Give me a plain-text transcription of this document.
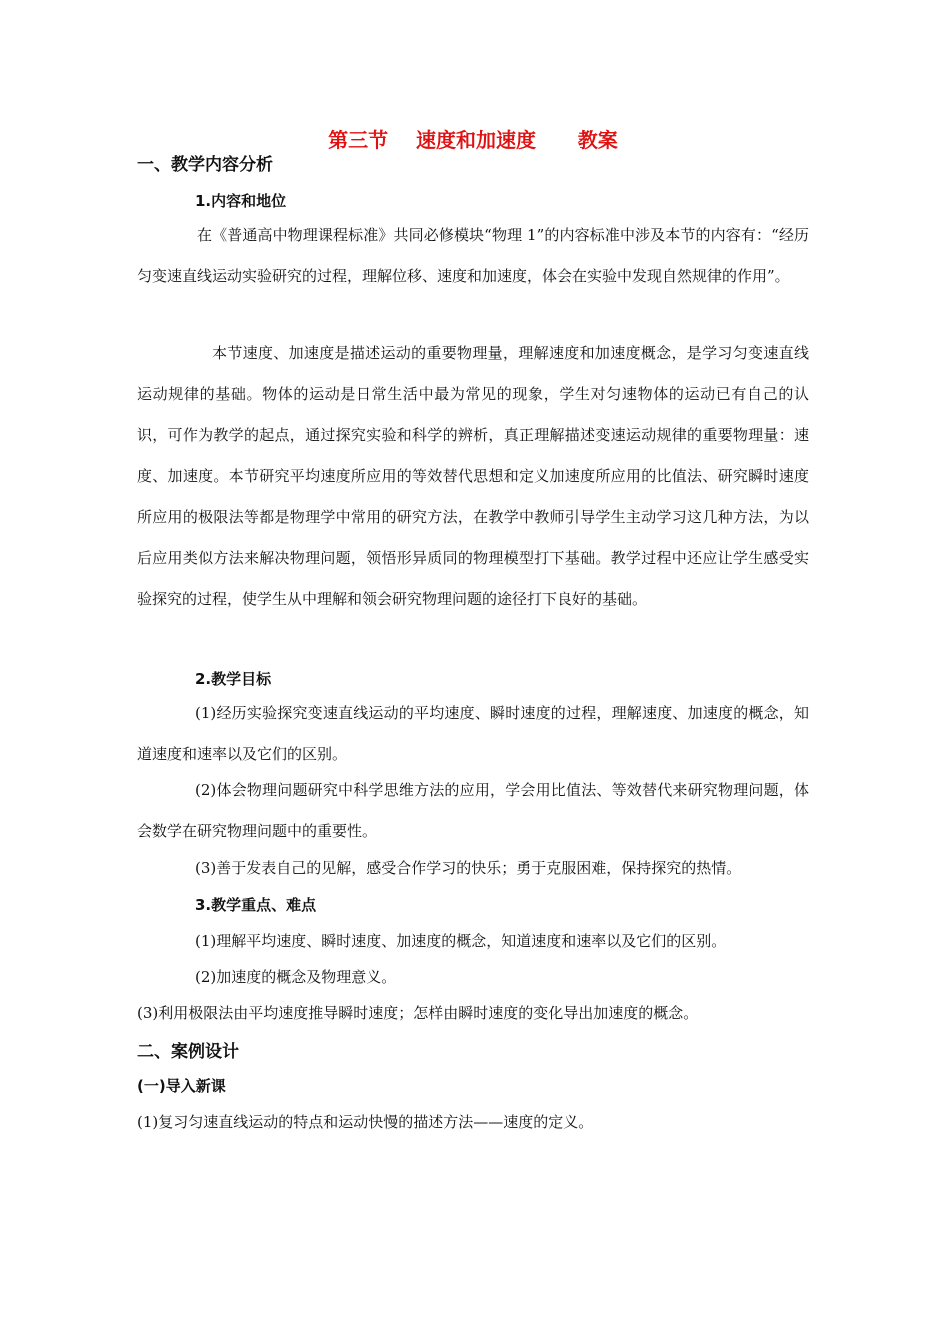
第三节    速度和加速度      教案
一、教学内容分析
1.内容和地位

在《普通高中物理课程标准》共同必修模块“物理 1”的内容标准中涉及本节的内容有：“经历匀变速直线运动实验研究的过程，理解位移、速度和加速度，体会在实验中发现自然规律的作用”。

本节速度、加速度是描述运动的重要物理量，理解速度和加速度概念，是学习匀变速直线运动规律的基础。物体的运动是日常生活中最为常见的现象，学生对匀速物体的运动已有自己的认识，可作为教学的起点，通过探究实验和科学的辨析，真正理解描述变速运动规律的重要物理量：速度、加速度。本节研究平均速度所应用的等效替代思想和定义加速度所应用的比值法、研究瞬时速度所应用的极限法等都是物理学中常用的研究方法，在教学中教师引导学生主动学习这几种方法，为以后应用类似方法来解决物理问题，领悟形异质同的物理模型打下基础。教学过程中还应让学生感受实验探究的过程，使学生从中理解和领会研究物理问题的途径打下良好的基础。

2.教学目标

(1)经历实验探究变速直线运动的平均速度、瞬时速度的过程，理解速度、加速度的概念，知道速度和速率以及它们的区别。

(2)体会物理问题研究中科学思维方法的应用，学会用比值法、等效替代来研究物理问题，体会数学在研究物理问题中的重要性。

(3)善于发表自己的见解，感受合作学习的快乐；勇于克服困难，保持探究的热情。

3.教学重点、难点

(1)理解平均速度、瞬时速度、加速度的概念，知道速度和速率以及它们的区别。

(2)加速度的概念及物理意义。

(3)利用极限法由平均速度推导瞬时速度；怎样由瞬时速度的变化导出加速度的概念。

二、案例设计
(一)导入新课

(1)复习匀速直线运动的特点和运动快慢的描述方法——速度的定义。
